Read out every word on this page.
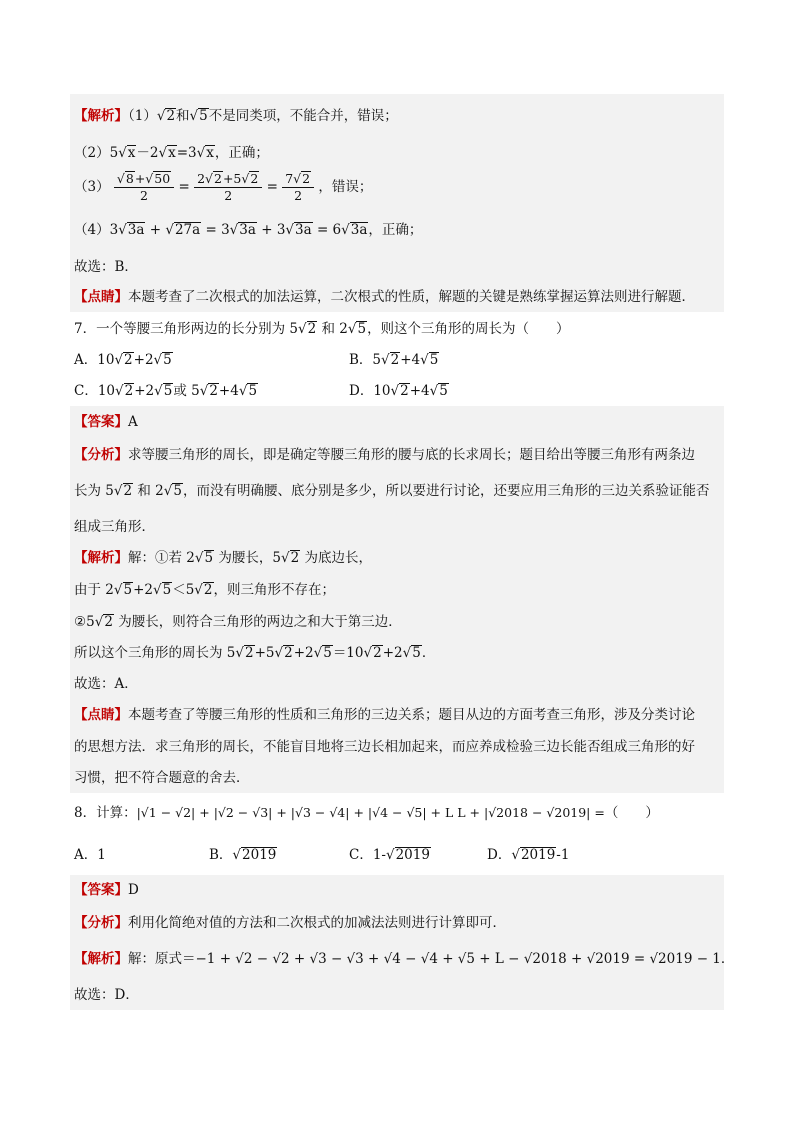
【解析】（1）√2和√5不是同类项，不能合并，错误；
（2）5√x－2√x=3√x，正确；
$(3) \frac{√8+√50}{2} = \frac{2√2+5√2}{2} = \frac{7√2}{2}$ ，错误；
（4）3√3a + √27a = 3√3a + 3√3a = 6√3a，正确；
故选：B．
【点睛】本题考查了二次根式的加法运算，二次根式的性质，解题的关键是熟练掌握运算法则进行解题．
7．一个等腰三角形两边的长分别为 5√2 和 2√5，则这个三角形的周长为（　　）
A．10√2+2√5	B．5√2+4√5
C．10√2+2√5或 5√2+4√5	D．10√2+4√5
【答案】A
【分析】求等腰三角形的周长，即是确定等腰三角形的腰与底的长求周长；题目给出等腰三角形有两条边
长为 5√2 和 2√5，而没有明确腰、底分别是多少，所以要进行讨论，还要应用三角形的三边关系验证能否
组成三角形．
【解析】解：①若 2√5 为腰长，5√2 为底边长，
由于 2√5+2√5＜5√2，则三角形不存在；
②5√2 为腰长，则符合三角形的两边之和大于第三边．
所以这个三角形的周长为 5√2+5√2+2√5＝10√2+2√5．
故选：A．
【点睛】本题考查了等腰三角形的性质和三角形的三边关系；题目从边的方面考查三角形，涉及分类讨论
的思想方法．求三角形的周长，不能盲目地将三边长相加起来，而应养成检验三边长能否组成三角形的好
习惯，把不符合题意的舍去．
8．计算：|√1 − √2| + |√2 − √3| + |√3 − √4| + |√4 − √5| + L L + |√2018 − √2019| =（　　）
A．1	B．√2019	C．1-√2019	D．√2019-1
【答案】D
【分析】利用化简绝对值的方法和二次根式的加减法法则进行计算即可．
【解析】解：原式＝−1 + √2 − √2 + √3 − √3 + √4 − √4 + √5 + L − √2018 + √2019 = √2019 − 1．
故选：D．
